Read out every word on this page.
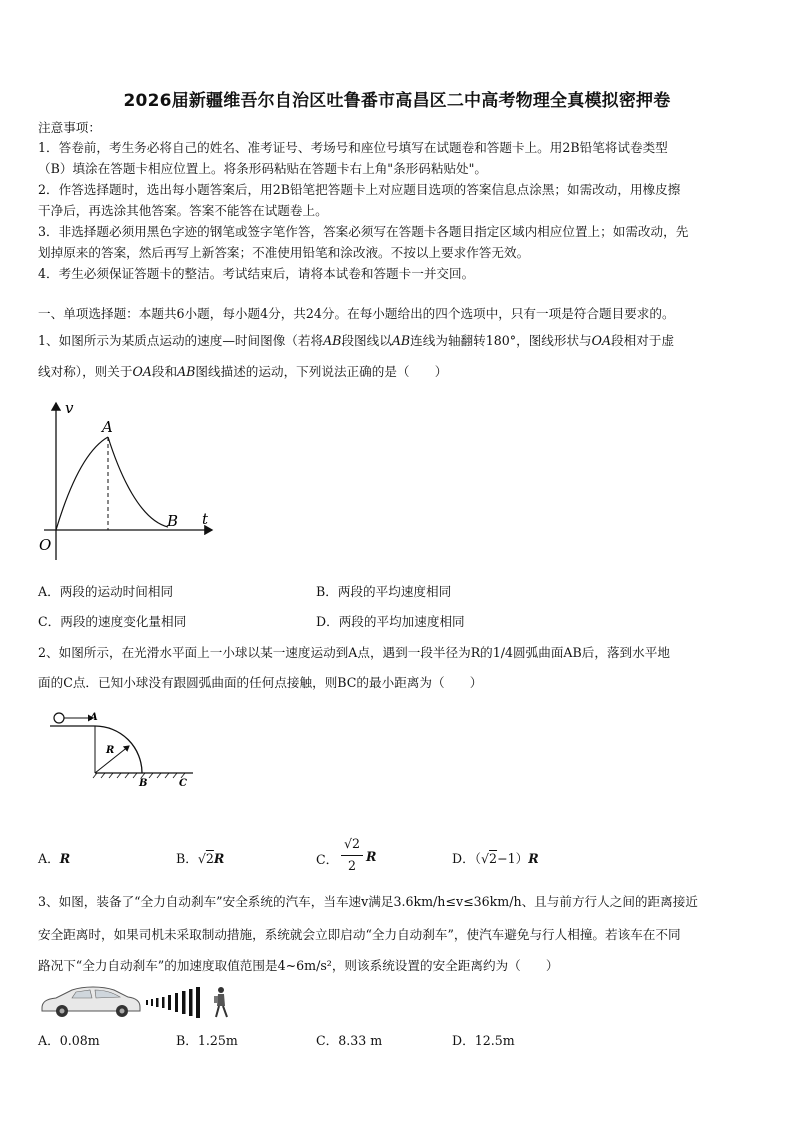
2026届新疆维吾尔自治区吐鲁番市高昌区二中高考物理全真模拟密押卷
注意事项：
1．答卷前，考生务必将自己的姓名、准考证号、考场号和座位号填写在试题卷和答题卡上。用2B铅笔将试卷类型
（B）填涂在答题卡相应位置上。将条形码粘贴在答题卡右上角"条形码粘贴处"。
2．作答选择题时，选出每小题答案后，用2B铅笔把答题卡上对应题目选项的答案信息点涂黑；如需改动，用橡皮擦
干净后，再选涂其他答案。答案不能答在试题卷上。
3．非选择题必须用黑色字迹的钢笔或签字笔作答，答案必须写在答题卡各题目指定区域内相应位置上；如需改动，先
划掉原来的答案，然后再写上新答案；不准使用铅笔和涂改液。不按以上要求作答无效。
4．考生必须保证答题卡的整洁。考试结束后，请将本试卷和答题卡一并交回。
一、单项选择题：本题共6小题，每小题4分，共24分。在每小题给出的四个选项中，只有一项是符合题目要求的。
1、如图所示为某质点运动的速度—时间图像（若将AB段图线以AB连线为轴翻转180°，图线形状与OA段相对于虚
线对称），则关于OA段和AB图线描述的运动，下列说法正确的是（　　）
v
t
O
A
B
A．两段的运动时间相同	B．两段的平均速度相同
C．两段的速度变化量相同	D．两段的平均加速度相同
2、如图所示，在光滑水平面上一小球以某一速度运动到A点，遇到一段半径为R的1/4圆弧曲面AB后，落到水平地
面的C点．已知小球没有跟圆弧曲面的任何点接触，则BC的最小距离为（　　）
A
R
B	C
A．R	B．√2R	C．
√2
2
R	D．（√2−1）R
3、如图，装备了“全力自动刹车”安全系统的汽车，当车速v满足3.6km/h≤v≤36km/h、且与前方行人之间的距离接近
安全距离时，如果司机未采取制动措施，系统就会立即启动“全力自动刹车”，使汽车避免与行人相撞。若该车在不同
路况下“全力自动刹车”的加速度取值范围是4~6m/s²，则该系统设置的安全距离约为（　　）
A．0.08m	B．1.25m	C．8.33 m	D．12.5m
